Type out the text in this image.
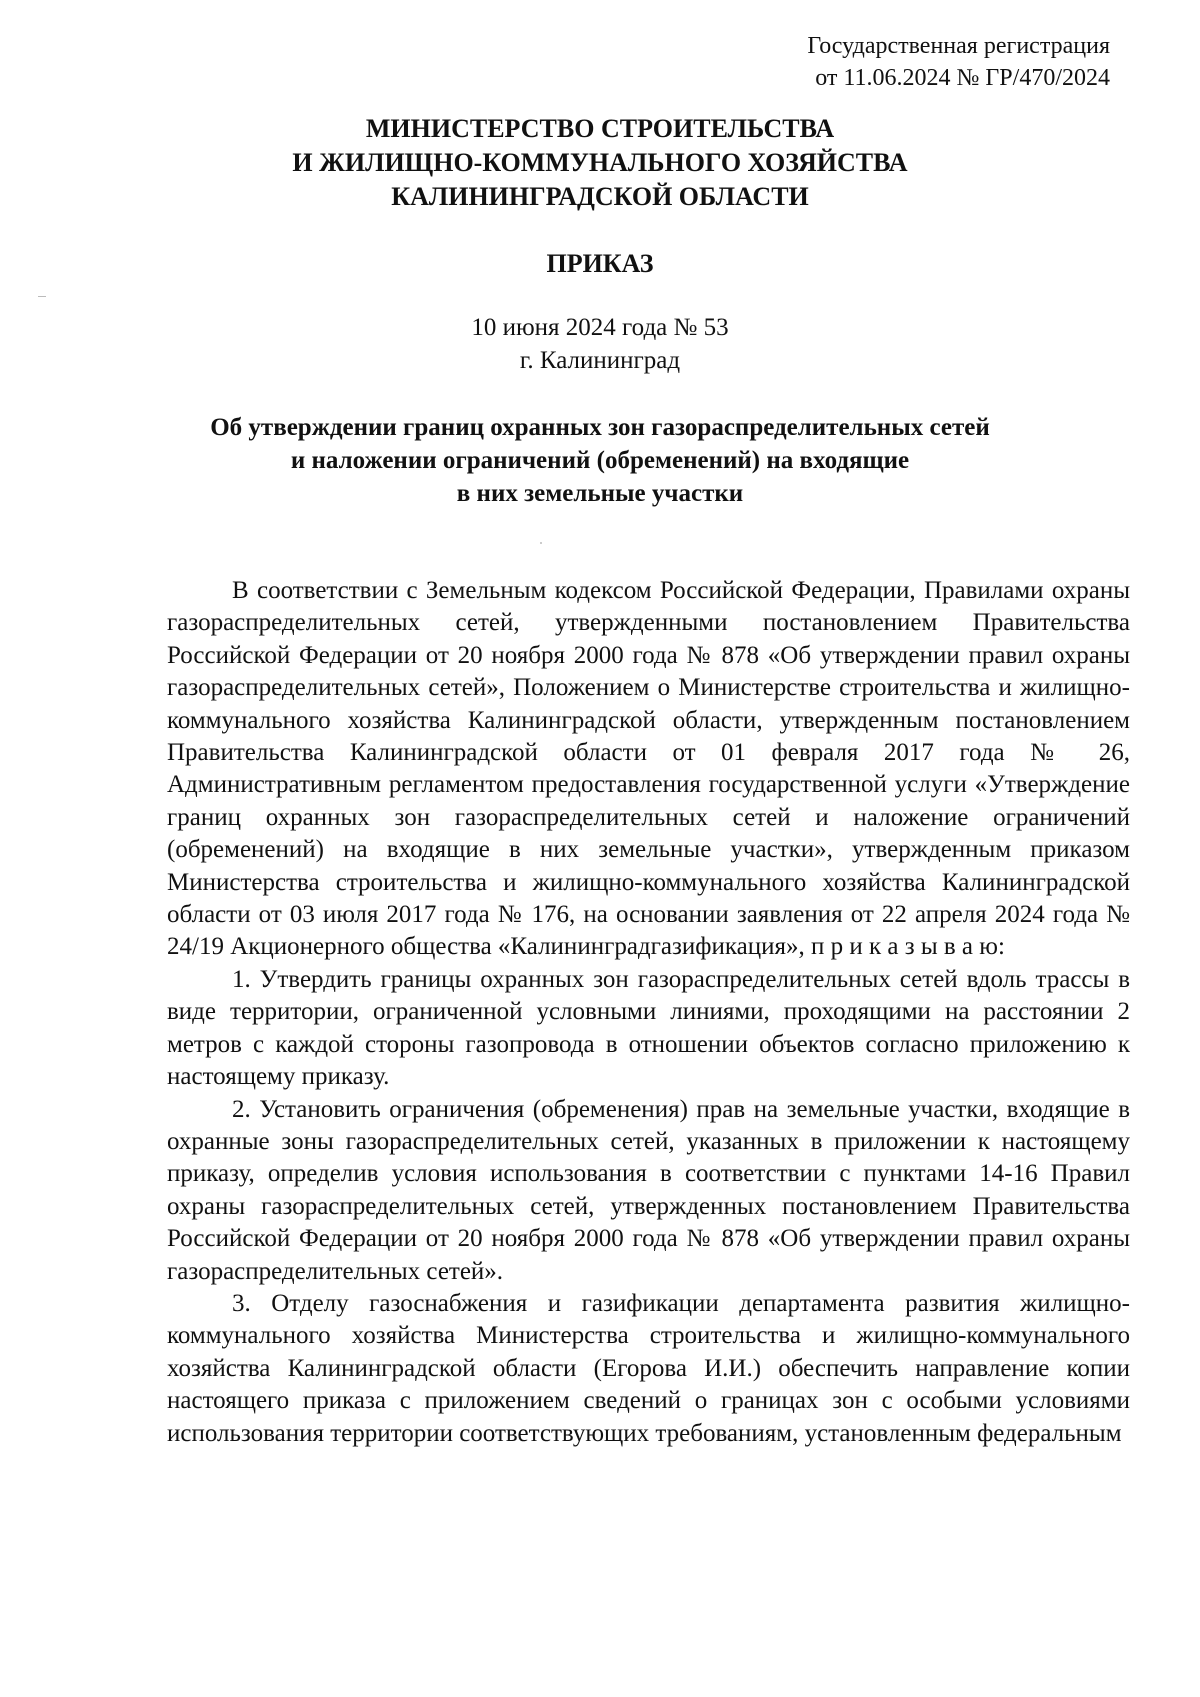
Государственная регистрация
от 11.06.2024 № ГР/470/2024
МИНИСТЕРСТВО СТРОИТЕЛЬСТВА
И ЖИЛИЩНО-КОММУНАЛЬНОГО ХОЗЯЙСТВА
КАЛИНИНГРАДСКОЙ ОБЛАСТИ
ПРИКАЗ
10 июня 2024 года № 53
г. Калининград
Об утверждении границ охранных зон газораспределительных сетей
и наложении ограничений (обременений) на входящие
в них земельные участки

В соответствии с Земельным кодексом Российской Федерации, Правилами охраны газораспределительных сетей, утвержденными постановлением Правительства Российской Федерации от 20 ноября 2000 года № 878 «Об утверждении правил охраны газораспределительных сетей», Положением о Министерстве строительства и жилищно-коммунального хозяйства Калининградской области, утвержденным постановлением Правительства Калининградской области от 01 февраля 2017 года № 26, Административным регламентом предоставления государственной услуги «Утверждение границ охранных зон газораспределительных сетей и наложение ограничений (обременений) на входящие в них земельные участки», утвержденным приказом Министерства строительства и жилищно-коммунального хозяйства Калининградской области от 03 июля 2017 года № 176, на основании заявления от 22 апреля 2024 года № 24/19 Акционерного общества «Калининградгазификация», п р и к а з ы в а ю:

1. Утвердить границы охранных зон газораспределительных сетей вдоль трассы в виде территории, ограниченной условными линиями, проходящими на расстоянии 2 метров с каждой стороны газопровода в отношении объектов согласно приложению к настоящему приказу.

2. Установить ограничения (обременения) прав на земельные участки, входящие в охранные зоны газораспределительных сетей, указанных в приложении к настоящему приказу, определив условия использования в соответствии с пунктами 14-16 Правил охраны газораспределительных сетей, утвержденных постановлением Правительства Российской Федерации от 20 ноября 2000 года № 878 «Об утверждении правил охраны газораспределительных сетей».

3. Отделу газоснабжения и газификации департамента развития жилищно-коммунального хозяйства Министерства строительства и жилищно-коммунального хозяйства Калининградской области (Егорова И.И.) обеспечить направление копии настоящего приказа с приложением сведений о границах зон с особыми условиями использования территории соответствующих требованиям, установленным федеральным
